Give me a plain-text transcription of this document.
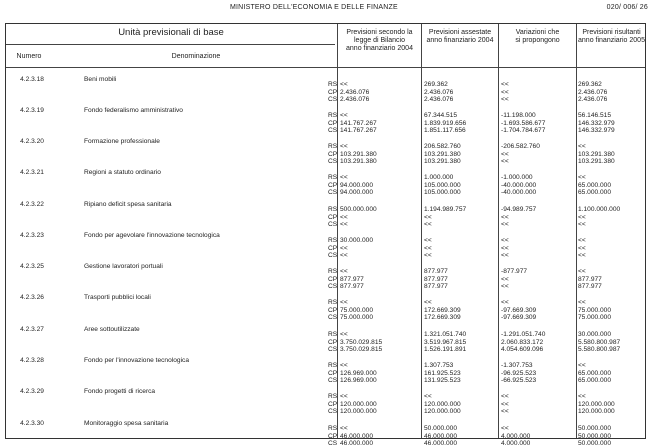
MINISTERO DELL'ECONOMIA E DELLE FINANZE	020/ 006/ 26
Unità previsionali di base
Numero	Denominazione
Previsioni secondo la
legge di Bilancio
anno finanziario 2004
Previsioni assestate
anno finanziario 2004
Variazioni che
si propongono
Previsioni risultanti
anno finanziario 2005
4.2.3.18	Beni mobili
RS <<	269.362	<<	269.362
CP 2.436.076	2.436.076	<<	2.436.076
CS 2.436.076	2.436.076	<<	2.436.076
4.2.3.19	Fondo federalismo amministrativo
RS <<	67.344.515	-11.198.000	56.146.515
CP 141.767.267	1.839.919.656	-1.693.586.677	146.332.979
CS 141.767.267	1.851.117.656	-1.704.784.677	146.332.979
4.2.3.20	Formazione professionale
RS <<	206.582.760	-206.582.760	<<
CP 103.291.380	103.291.380	<<	103.291.380
CS 103.291.380	103.291.380	<<	103.291.380
4.2.3.21	Regioni a statuto ordinario
RS <<	1.000.000	-1.000.000	<<
CP 94.000.000	105.000.000	-40.000.000	65.000.000
CS 94.000.000	105.000.000	-40.000.000	65.000.000
4.2.3.22	Ripiano deficit spesa sanitaria
RS 500.000.000	1.194.989.757	-94.989.757	1.100.000.000
CP <<	<<	<<	<<
CS <<	<<	<<	<<
4.2.3.23	Fondo per agevolare l'innovazione tecnologica
RS 30.000.000	<<	<<	<<
CP <<	<<	<<	<<
CS <<	<<	<<	<<
4.2.3.25	Gestione lavoratori portuali
RS <<	877.977	-877.977	<<
CP 877.977	877.977	<<	877.977
CS 877.977	877.977	<<	877.977
4.2.3.26	Trasporti pubblici locali
RS <<	<<	<<	<<
CP 75.000.000	172.669.309	-97.669.309	75.000.000
CS 75.000.000	172.669.309	-97.669.309	75.000.000
4.2.3.27	Aree sottoutilizzate
RS <<	1.321.051.740	-1.291.051.740	30.000.000
CP 3.750.029.815	3.519.967.815	2.060.833.172	5.580.800.987
CS 3.750.029.815	1.526.191.891	4.054.609.096	5.580.800.987
4.2.3.28	Fondo per l'innovazione tecnologica
RS <<	1.307.753	-1.307.753	<<
CP 126.969.000	161.925.523	-96.925.523	65.000.000
CS 126.969.000	131.925.523	-66.925.523	65.000.000
4.2.3.29	Fondo progetti di ricerca
RS <<	<<	<<	<<
CP 120.000.000	120.000.000	<<	120.000.000
CS 120.000.000	120.000.000	<<	120.000.000
4.2.3.30	Monitoraggio spesa sanitaria
RS <<	50.000.000	<<	50.000.000
CP 46.000.000	46.000.000	4.000.000	50.000.000
CS 46.000.000	46.000.000	4.000.000	50.000.000
